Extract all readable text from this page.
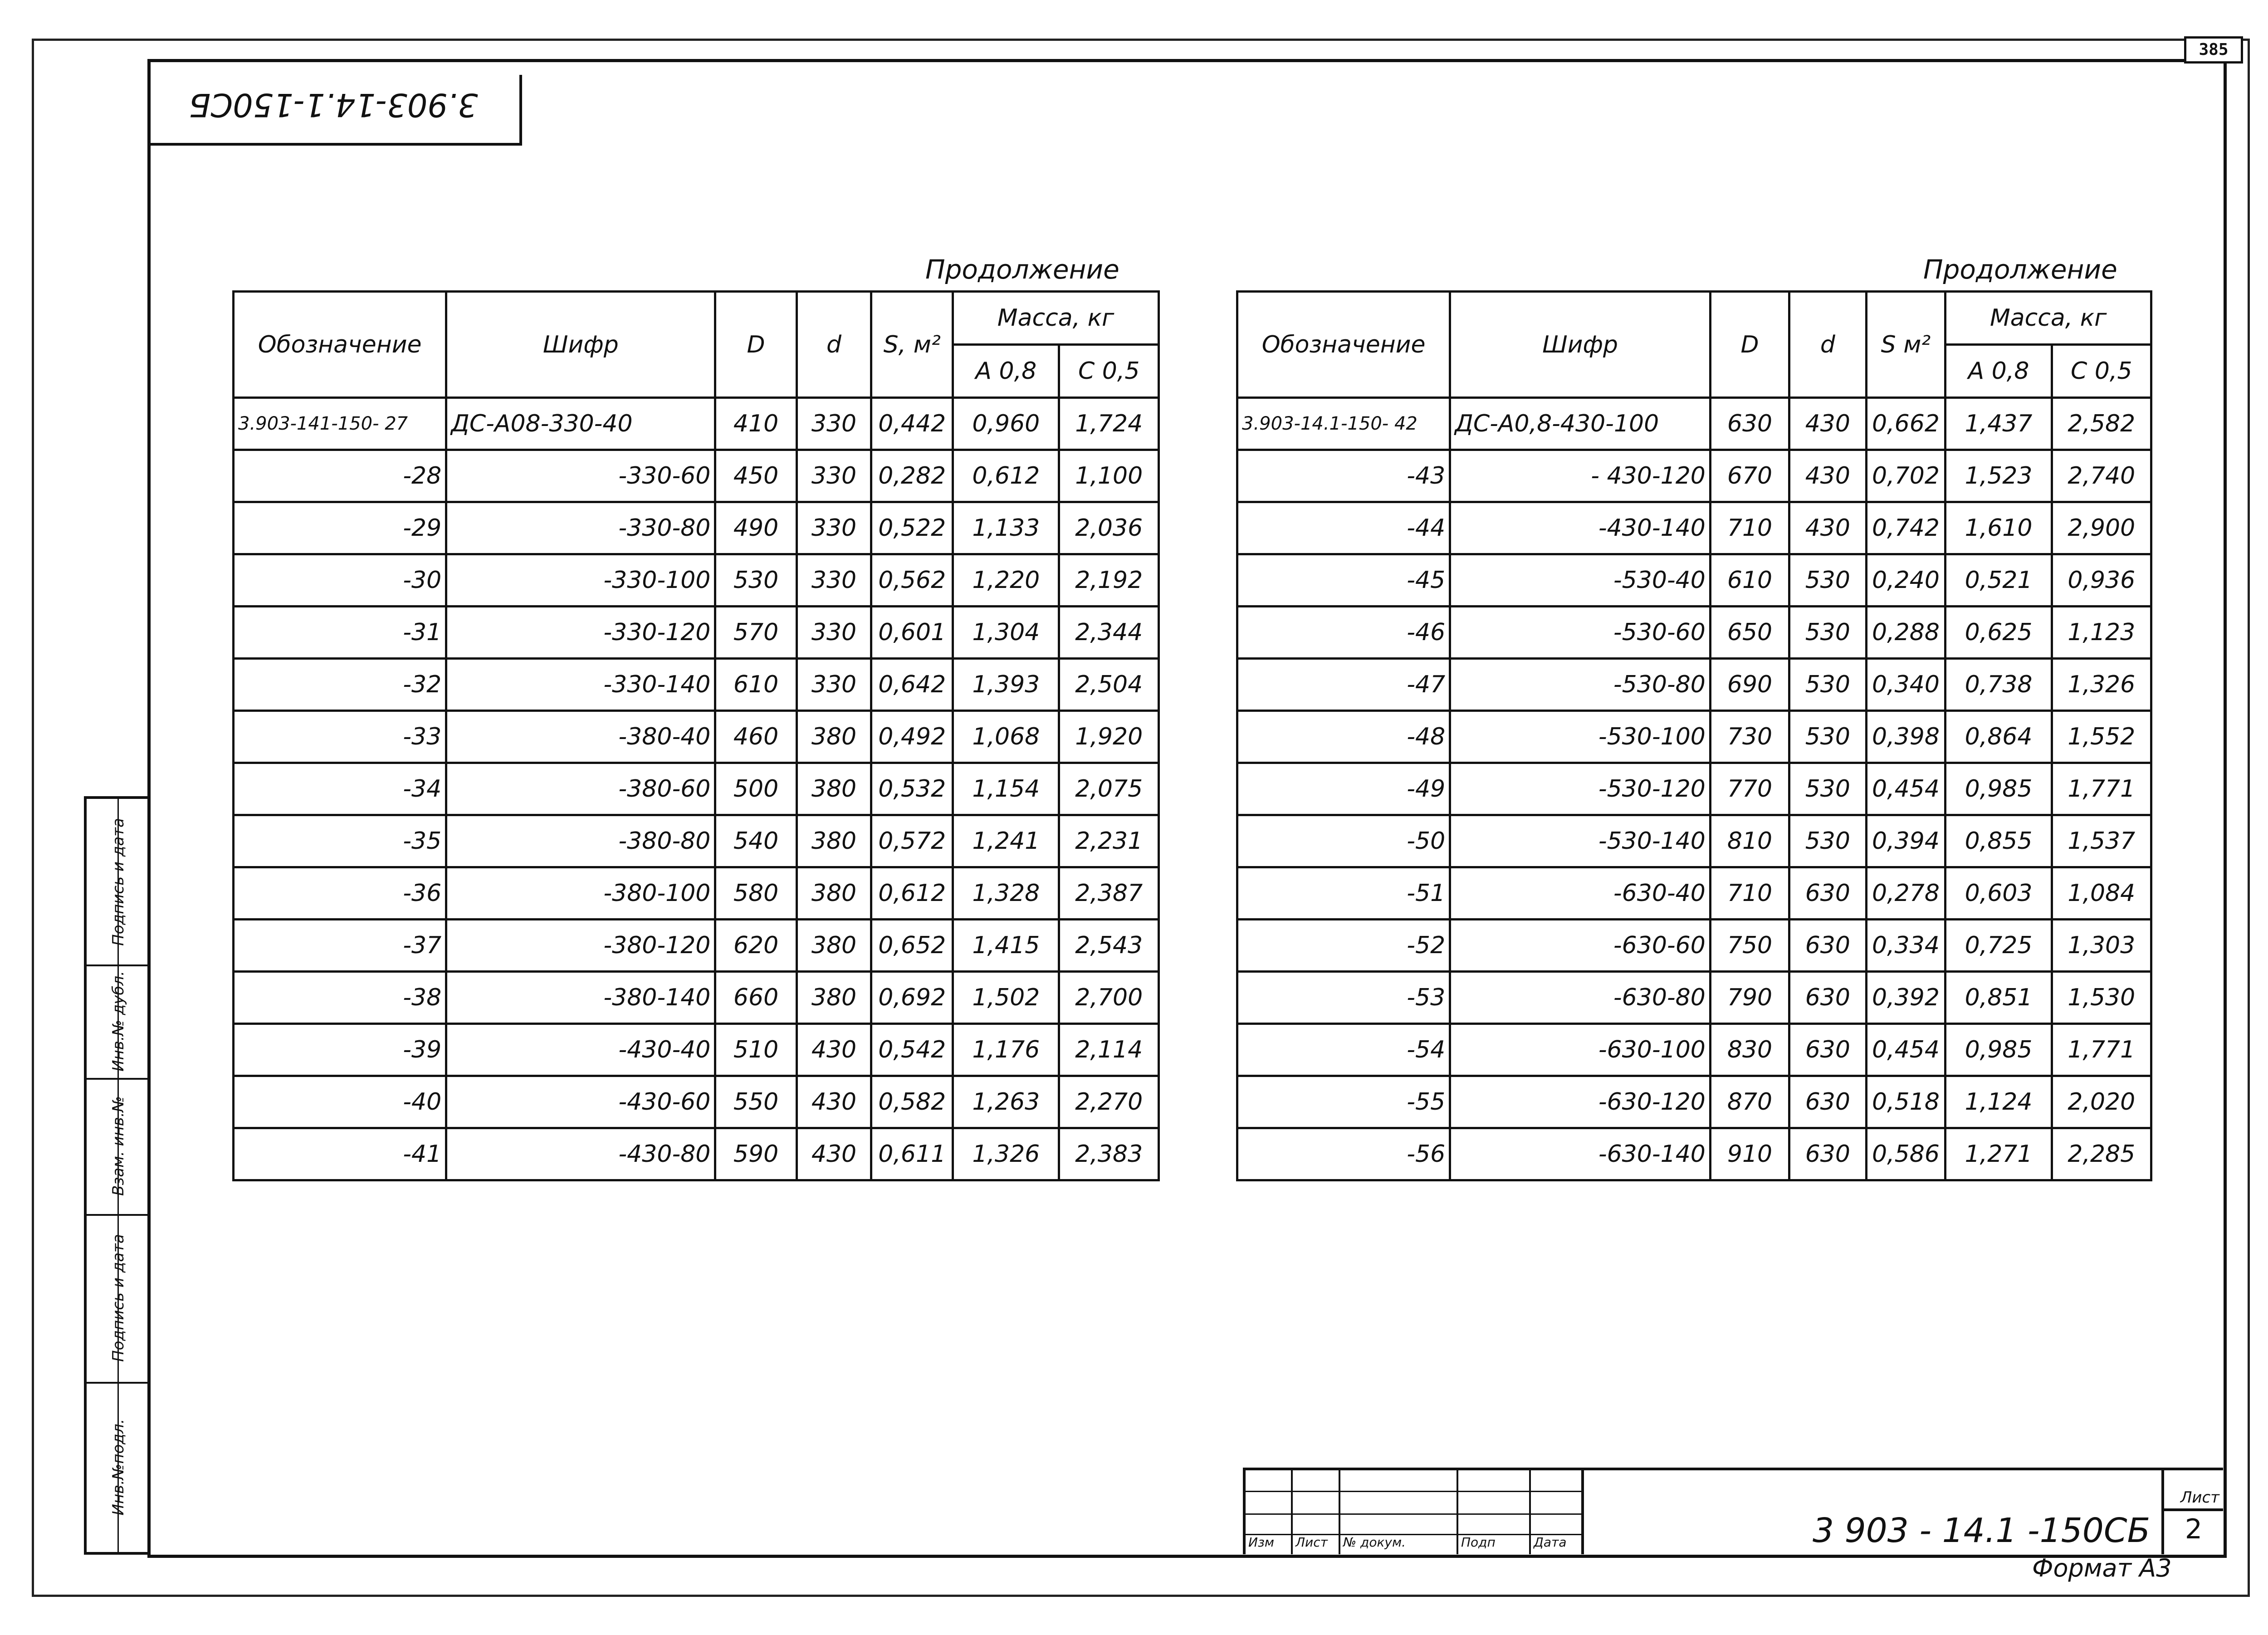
385
3.903-14.1-150СБ
Подпись и дата
Инв.№ дубл.
Взам. инв.№
Подпись и дата
Инв.№подл.
Продолжение
Обозначение	Шифр	D	d	S, м²	Масса, кг	
					А 0,8	С 0,5
3.903-141-150- 27	ДС-А08-330-40	410	330	0,442	0,960	1,724
-28	-330-60	450	330	0,282	0,612	1,100
-29	-330-80	490	330	0,522	1,133	2,036
-30	-330-100	530	330	0,562	1,220	2,192
-31	-330-120	570	330	0,601	1,304	2,344
-32	-330-140	610	330	0,642	1,393	2,504
-33	-380-40	460	380	0,492	1,068	1,920
-34	-380-60	500	380	0,532	1,154	2,075
-35	-380-80	540	380	0,572	1,241	2,231
-36	-380-100	580	380	0,612	1,328	2,387
-37	-380-120	620	380	0,652	1,415	2,543
-38	-380-140	660	380	0,692	1,502	2,700
-39	-430-40	510	430	0,542	1,176	2,114
-40	-430-60	550	430	0,582	1,263	2,270
-41	-430-80	590	430	0,611	1,326	2,383
Продолжение
Обозначение	Шифр	D	d	S м²	Масса, кг	
					А 0,8	С 0,5
3.903-14.1-150- 42	ДС-А0,8-430-100	630	430	0,662	1,437	2,582
-43	- 430-120	670	430	0,702	1,523	2,740
-44	-430-140	710	430	0,742	1,610	2,900
-45	-530-40	610	530	0,240	0,521	0,936
-46	-530-60	650	530	0,288	0,625	1,123
-47	-530-80	690	530	0,340	0,738	1,326
-48	-530-100	730	530	0,398	0,864	1,552
-49	-530-120	770	530	0,454	0,985	1,771
-50	-530-140	810	530	0,394	0,855	1,537
-51	-630-40	710	630	0,278	0,603	1,084
-52	-630-60	750	630	0,334	0,725	1,303
-53	-630-80	790	630	0,392	0,851	1,530
-54	-630-100	830	630	0,454	0,985	1,771
-55	-630-120	870	630	0,518	1,124	2,020
-56	-630-140	910	630	0,586	1,271	2,285
Изм Лист № докум.	Подп	Дата	3 903 - 14.1 -150СБ
Лист
2
Формат А3
